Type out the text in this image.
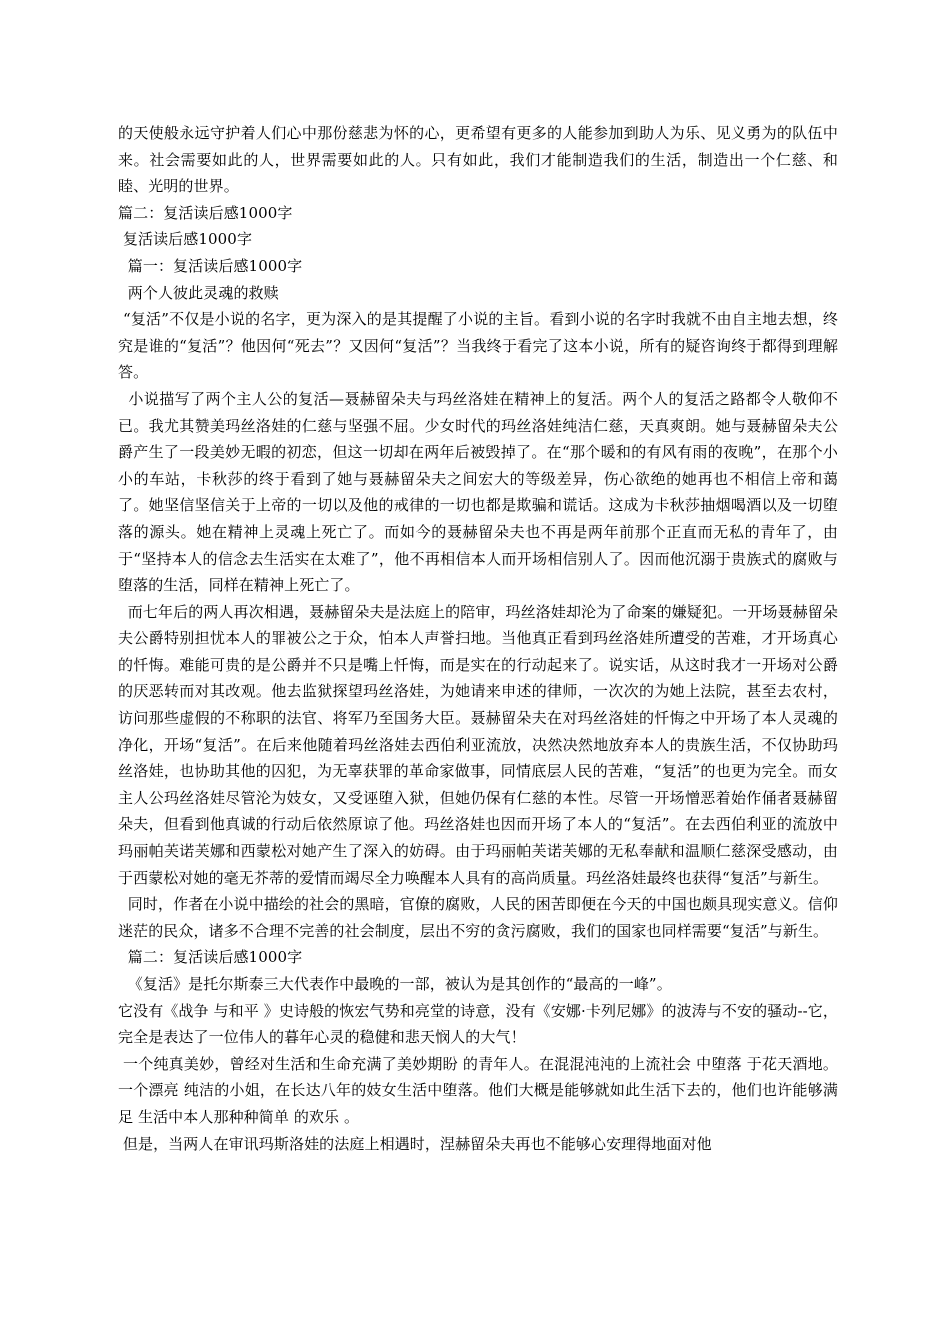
的天使般永远守护着人们心中那份慈悲为怀的心，更希望有更多的人能参加到助人为乐、见义勇为的队伍中来。社会需要如此的人，世界需要如此的人。只有如此，我们才能制造我们的生活，制造出一个仁慈、和睦、光明的世界。

篇二：复活读后感1000字

复活读后感1000字

篇一：复活读后感1000字

两个人彼此灵魂的救赎

“复活”不仅是小说的名字，更为深入的是其提醒了小说的主旨。看到小说的名字时我就不由自主地去想，终究是谁的“复活”？他因何“死去”？又因何“复活”？当我终于看完了这本小说，所有的疑咨询终于都得到理解答。

小说描写了两个主人公的复活—聂赫留朵夫与玛丝洛娃在精神上的复活。两个人的复活之路都令人敬仰不已。我尤其赞美玛丝洛娃的仁慈与坚强不屈。少女时代的玛丝洛娃纯洁仁慈，天真爽朗。她与聂赫留朵夫公爵产生了一段美妙无暇的初恋，但这一切却在两年后被毁掉了。在“那个暖和的有风有雨的夜晚”，在那个小小的车站，卡秋莎的终于看到了她与聂赫留朵夫之间宏大的等级差异，伤心欲绝的她再也不相信上帝和蔼了。她坚信坚信关于上帝的一切以及他的戒律的一切也都是欺骗和谎话。这成为卡秋莎抽烟喝酒以及一切堕落的源头。她在精神上灵魂上死亡了。而如今的聂赫留朵夫也不再是两年前那个正直而无私的青年了，由于“坚持本人的信念去生活实在太难了”，他不再相信本人而开场相信别人了。因而他沉溺于贵族式的腐败与堕落的生活，同样在精神上死亡了。

而七年后的两人再次相遇，聂赫留朵夫是法庭上的陪审，玛丝洛娃却沦为了命案的嫌疑犯。一开场聂赫留朵夫公爵特别担忧本人的罪被公之于众，怕本人声誉扫地。当他真正看到玛丝洛娃所遭受的苦难，才开场真心的忏悔。难能可贵的是公爵并不只是嘴上忏悔，而是实在的行动起来了。说实话，从这时我才一开场对公爵的厌恶转而对其改观。他去监狱探望玛丝洛娃，为她请来申述的律师，一次次的为她上法院，甚至去农村，访问那些虚假的不称职的法官、将军乃至国务大臣。聂赫留朵夫在对玛丝洛娃的忏悔之中开场了本人灵魂的净化，开场“复活”。在后来他随着玛丝洛娃去西伯利亚流放，决然决然地放弃本人的贵族生活，不仅协助玛丝洛娃，也协助其他的囚犯，为无辜获罪的革命家做事，同情底层人民的苦难，“复活”的也更为完全。而女主人公玛丝洛娃尽管沦为妓女，又受诬堕入狱，但她仍保有仁慈的本性。尽管一开场憎恶着始作俑者聂赫留朵夫，但看到他真诚的行动后依然原谅了他。玛丝洛娃也因而开场了本人的“复活”。在去西伯利亚的流放中玛丽帕芙诺芙娜和西蒙松对她产生了深入的妨碍。由于玛丽帕芙诺芙娜的无私奉献和温顺仁慈深受感动，由于西蒙松对她的毫无芥蒂的爱情而竭尽全力唤醒本人具有的高尚质量。玛丝洛娃最终也获得“复活”与新生。

同时，作者在小说中描绘的社会的黑暗，官僚的腐败，人民的困苦即便在今天的中国也颇具现实意义。信仰迷茫的民众，诸多不合理不完善的社会制度，层出不穷的贪污腐败，我们的国家也同样需要“复活”与新生。

篇二：复活读后感1000字

《复活》是托尔斯泰三大代表作中最晚的一部，被认为是其创作的“最高的一峰”。

它没有《战争 与和平 》史诗般的恢宏气势和亮堂的诗意，没有《安娜·卡列尼娜》的波涛与不安的骚动--它，完全是表达了一位伟人的暮年心灵的稳健和悲天悯人的大气！

一个纯真美妙，曾经对生活和生命充满了美妙期盼 的青年人。在混混沌沌的上流社会 中堕落 于花天酒地。一个漂亮 纯洁的小姐，在长达八年的妓女生活中堕落。他们大概是能够就如此生活下去的，他们也许能够满足 生活中本人那种种简单 的欢乐 。

但是，当两人在审讯玛斯洛娃的法庭上相遇时，涅赫留朵夫再也不能够心安理得地面对他
